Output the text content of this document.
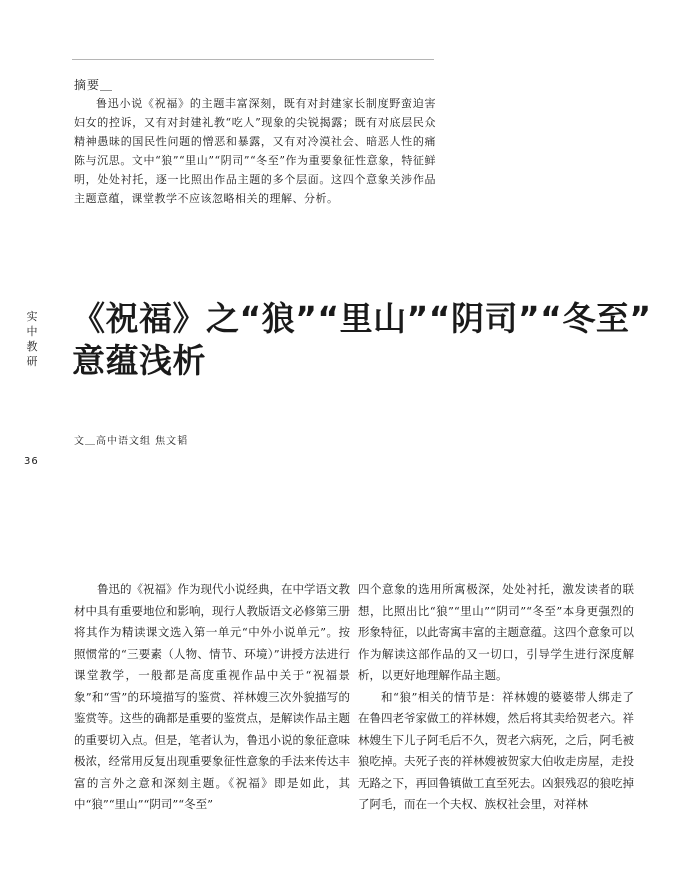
摘要＿
鲁迅小说《祝福》的主题丰富深刻，既有对封建家长制度野蛮迫害妇女的控诉，又有对封建礼教“吃人”现象的尖锐揭露；既有对底层民众精神愚昧的国民性问题的憎恶和暴露，又有对冷漠社会、暗恶人性的痛陈与沉思。文中“狼”“里山”“阴司”“冬至”作为重要象征性意象，特征鲜明，处处衬托，逐一比照出作品主题的多个层面。这四个意象关涉作品主题意蕴，课堂教学不应该忽略相关的理解、分析。
实
中
教
研
《祝福》之“狼”“里山”“阴司”“冬至”
意蕴浅析
文＿高中语文组 焦文韬
36

鲁迅的《祝福》作为现代小说经典，在中学语文教材中具有重要地位和影响，现行人教版语文必修第三册将其作为精读课文选入第一单元“中外小说单元”。按照惯常的“三要素（人物、情节、环境）”讲授方法进行课堂教学，一般都是高度重视作品中关于“祝福景象”和“雪”的环境描写的鉴赏、祥林嫂三次外貌描写的鉴赏等。这些的确都是重要的鉴赏点，是解读作品主题的重要切入点。但是，笔者认为，鲁迅小说的象征意味极浓，经常用反复出现重要象征性意象的手法来传达丰富的言外之意和深刻主题。《祝福》即是如此，其中“狼”“里山”“阴司”“冬至”

四个意象的选用所寓极深，处处衬托，激发读者的联想，比照出比“狼”“里山”“阴司”“冬至”本身更强烈的形象特征，以此寄寓丰富的主题意蕴。这四个意象可以作为解读这部作品的又一切口，引导学生进行深度解析，以更好地理解作品主题。

和“狼”相关的情节是：祥林嫂的婆婆带人绑走了在鲁四老爷家做工的祥林嫂，然后将其卖给贺老六。祥林嫂生下儿子阿毛后不久，贺老六病死，之后，阿毛被狼吃掉。夫死子丧的祥林嫂被贺家大伯收走房屋，走投无路之下，再回鲁镇做工直至死去。凶狠残忍的狼吃掉了阿毛，而在一个夫权、族权社会里，对祥林
